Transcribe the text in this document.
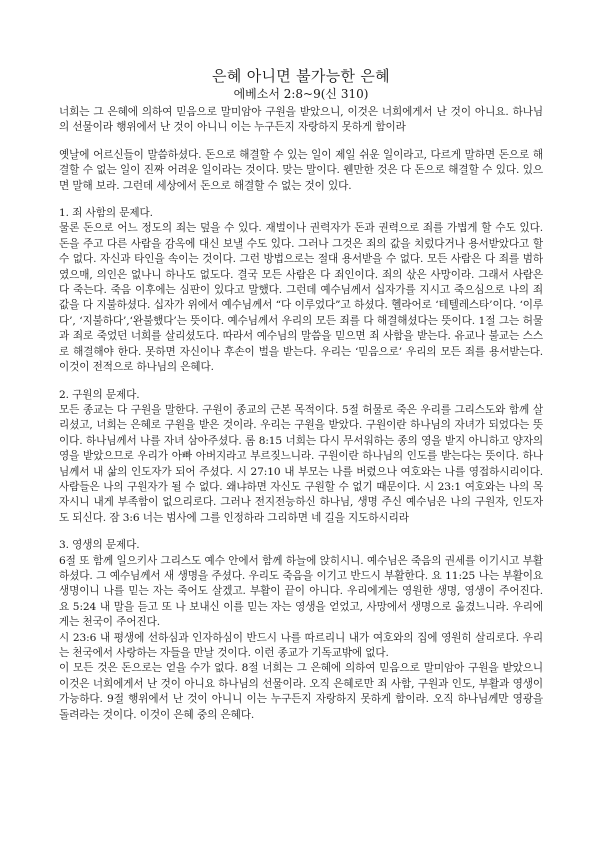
은혜 아니면 불가능한 은혜
에베소서 2:8~9(신 310)

너희는 그 은혜에 의하여 믿음으로 말미암아 구원을 받았으니, 이것은 너희에게서 난 것이 아니요. 하나님의 선물이라 행위에서 난 것이 아니니 이는 누구든지 자랑하지 못하게 함이라

옛날에 어르신들이 말씀하셨다. 돈으로 해결할 수 있는 일이 제일 쉬운 일이라고, 다르게 말하면 돈으로 해결할 수 없는 일이 진짜 어려운 일이라는 것이다. 맞는 말이다. 웬만한 것은 다 돈으로 해결할 수 있다. 있으면 말해 보라. 그런데 세상에서 돈으로 해결할 수 없는 것이 있다.

1. 죄 사함의 문제다.

물론 돈으로 어느 정도의 죄는 덮을 수 있다. 재벌이나 권력자가 돈과 권력으로 죄를 가볍게 할 수도 있다. 돈을 주고 다른 사람을 감옥에 대신 보낼 수도 있다. 그러나 그것은 죄의 값을 치렀다거나 용서받았다고 할 수 없다. 자신과 타인을 속이는 것이다. 그런 방법으로는 절대 용서받을 수 없다. 모든 사람은 다 죄를 범하였으매, 의인은 없나니 하나도 없도다. 결국 모든 사람은 다 죄인이다. 죄의 삯은 사망이라. 그래서 사람은 다 죽는다. 죽음 이후에는 심판이 있다고 말했다. 그런데 예수님께서 십자가를 지시고 죽으심으로 나의 죄값을 다 지불하셨다. 십자가 위에서 예수님께서 “다 이루었다”고 하셨다. 헬라어로 ‘테텔레스타’이다. ‘이루다’, ‘지불하다’,‘완불했다’는 뜻이다. 예수님께서 우리의 모든 죄를 다 해결해셨다는 뜻이다. 1절 그는 허물과 죄로 죽었던 너희를 살리셨도다. 따라서 예수님의 말씀을 믿으면 죄 사함을 받는다. 유교나 불교는 스스로 해결해야 한다. 못하면 자신이나 후손이 벌을 받는다. 우리는 ‘믿음으로’ 우리의 모든 죄를 용서받는다. 이것이 전적으로 하나님의 은혜다.

2. 구원의 문제다.

모든 종교는 다 구원을 말한다. 구원이 종교의 근본 목적이다. 5절 허물로 죽은 우리를 그리스도와 함께 살리셨고, 너희는 은혜로 구원을 받은 것이라. 우리는 구원을 받았다. 구원이란 하나님의 자녀가 되었다는 뜻이다. 하나님께서 나를 자녀 삼아주셨다. 롬 8:15 너희는 다시 무서워하는 종의 영을 받지 아니하고 양자의 영을 받았으므로 우리가 아빠 아버지라고 부르짖느니라. 구원이란 하나님의 인도를 받는다는 뜻이다. 하나님께서 내 삶의 인도자가 되어 주셨다. 시 27:10 내 부모는 나를 버렸으나 여호와는 나를 영접하시리이다. 사람들은 나의 구원자가 될 수 없다. 왜냐하면 자신도 구원할 수 없기 때문이다. 시 23:1 여호와는 나의 목자시니 내게 부족함이 없으리로다. 그러나 전지전능하신 하나님, 생명 주신 예수님은 나의 구원자, 인도자도 되신다. 잠 3:6 너는 범사에 그를 인정하라 그리하면 네 길을 지도하시리라

3. 영생의 문제다.

6절 또 함께 일으키사 그리스도 예수 안에서 함께 하늘에 앉히시니. 예수님은 죽음의 권세를 이기시고 부활하셨다. 그 예수님께서 새 생명을 주셨다. 우리도 죽음을 이기고 반드시 부활한다. 요 11:25 나는 부활이요 생명이니 나를 믿는 자는 죽어도 살겠고. 부활이 끝이 아니다. 우리에게는 영원한 생명, 영생이 주어진다. 요 5:24 내 말을 듣고 또 나 보내신 이를 믿는 자는 영생을 얻었고, 사망에서 생명으로 옮겼느니라. 우리에게는 천국이 주어진다.

시 23:6 내 평생에 선하심과 인자하심이 반드시 나를 따르리니 내가 여호와의 집에 영원히 살리로다. 우리는 천국에서 사랑하는 자들을 만날 것이다. 이런 종교가 기독교밖에 없다.

이 모든 것은 돈으로는 얻을 수가 없다. 8절 너희는 그 은혜에 의하여 믿음으로 말미암아 구원을 받았으니 이것은 너희에게서 난 것이 아니요 하나님의 선물이라. 오직 은혜로만 죄 사함, 구원과 인도, 부활과 영생이 가능하다. 9절 행위에서 난 것이 아니니 이는 누구든지 자랑하지 못하게 함이라. 오직 하나님께만 영광을 돌려라는 것이다. 이것이 은혜 중의 은혜다.
